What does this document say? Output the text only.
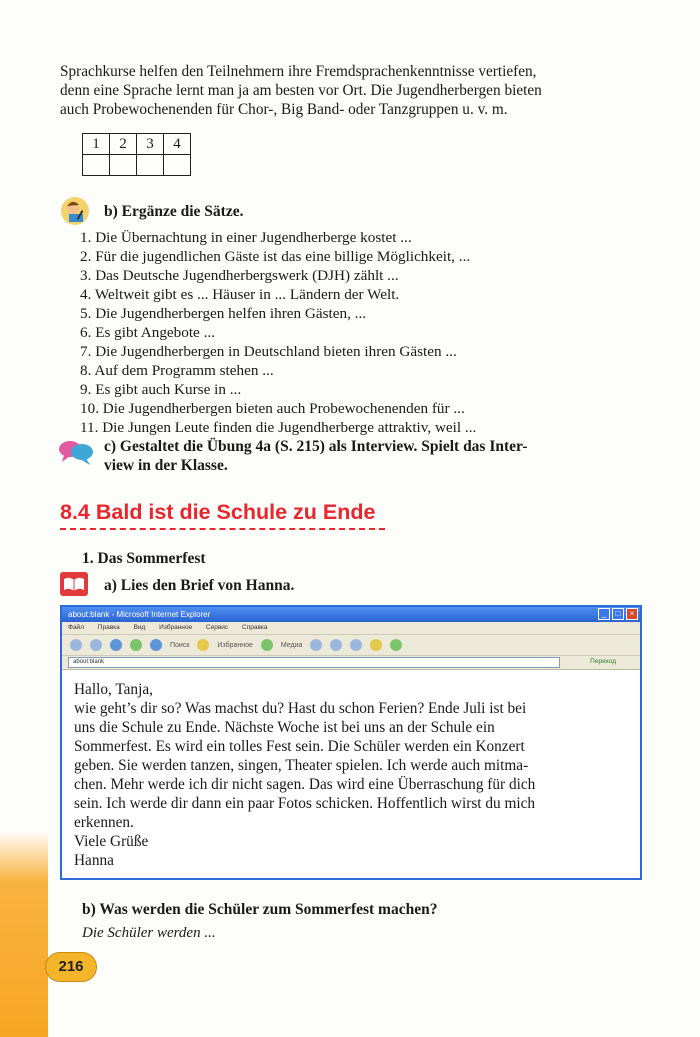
Sprachkurse helfen den Teilnehmern ihre Fremdsprachenkenntnisse vertiefen,

denn eine Sprache lernt man ja am besten vor Ort. Die Jugendherbergen bieten

auch Probewochenenden für Chor-, Big Band- oder Tanzgruppen u. v. m.

1	2	3	4

b) Ergänze die Sätze.
1. Die Übernachtung in einer Jugendherberge kostet ...
2. Für die jugendlichen Gäste ist das eine billige Möglichkeit, ...
3. Das Deutsche Jugendherbergswerk (DJH) zählt ...
4. Weltweit gibt es ... Häuser in ... Ländern der Welt.
5. Die Jugendherbergen helfen ihren Gästen, ...
6. Es gibt Angebote ...
7. Die Jugendherbergen in Deutschland bieten ihren Gästen ...
8. Auf dem Programm stehen ...
9. Es gibt auch Kurse in ...
10. Die Jugendherbergen bieten auch Probewochenenden für ...
11. Die Jungen Leute finden die Jugendherberge attraktiv, weil ...
c) Gestaltet die Übung 4a (S. 215) als Interview. Spielt das Inter-
view in der Klasse.
8.4 Bald ist die Schule zu Ende
1. Das Sommerfest
a) Lies den Brief von Hanna.
about:blank - Microsoft Internet Explorer	_	□	×
Файл Правка Вид Избранное Сервис Справка
Поиск	Избранное	Медиа
about:blank	Переход

Hallo, Tanja,

wie geht’s dir so? Was machst du? Hast du schon Ferien? Ende Juli ist bei

uns die Schule zu Ende. Nächste Woche ist bei uns an der Schule ein

Sommerfest. Es wird ein tolles Fest sein. Die Schüler werden ein Konzert

geben. Sie werden tanzen, singen, Theater spielen. Ich werde auch mitma-

chen. Mehr werde ich dir nicht sagen. Das wird eine Überraschung für dich

sein. Ich werde dir dann ein paar Fotos schicken. Hoffentlich wirst du mich

erkennen.

Viele Grüße

Hanna

b) Was werden die Schüler zum Sommerfest machen?
Die Schüler werden ...
216
